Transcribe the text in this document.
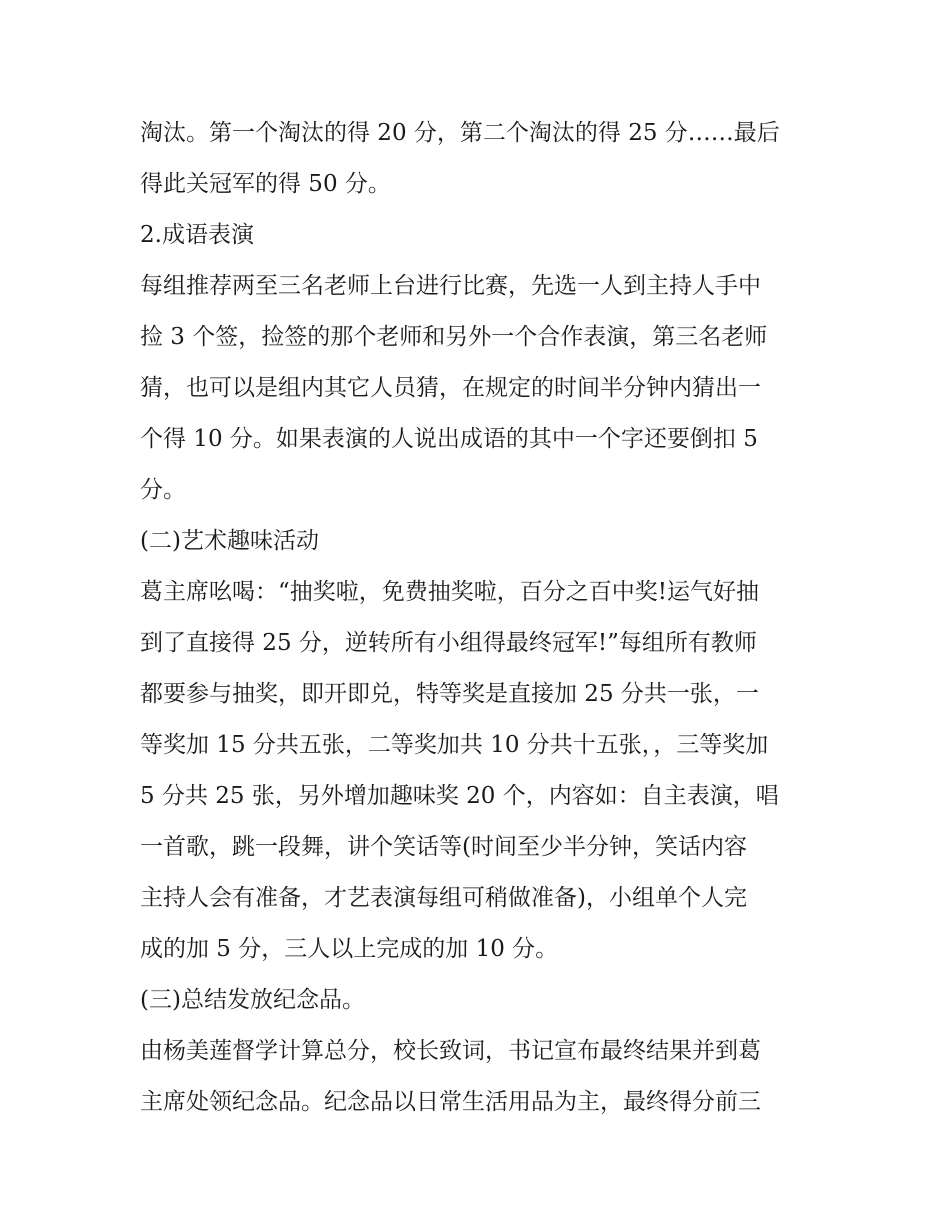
淘汰。第一个淘汰的得 20 分，第二个淘汰的得 25 分……最后
得此关冠军的得 50 分。
2.成语表演
每组推荐两至三名老师上台进行比赛，先选一人到主持人手中
捡 3 个签，捡签的那个老师和另外一个合作表演，第三名老师
猜，也可以是组内其它人员猜，在规定的时间半分钟内猜出一
个得 10 分。如果表演的人说出成语的其中一个字还要倒扣 5
分。
(二)艺术趣味活动
葛主席吆喝：“抽奖啦，免费抽奖啦，百分之百中奖!运气好抽
到了直接得 25 分，逆转所有小组得最终冠军!”每组所有教师
都要参与抽奖，即开即兑，特等奖是直接加 25 分共一张，一
等奖加 15 分共五张，二等奖加共 10 分共十五张，，三等奖加
5 分共 25 张，另外增加趣味奖 20 个，内容如：自主表演，唱
一首歌，跳一段舞，讲个笑话等(时间至少半分钟，笑话内容
主持人会有准备，才艺表演每组可稍做准备)，小组单个人完
成的加 5 分，三人以上完成的加 10 分。
(三)总结发放纪念品。
由杨美莲督学计算总分，校长致词，书记宣布最终结果并到葛
主席处领纪念品。纪念品以日常生活用品为主，最终得分前三
